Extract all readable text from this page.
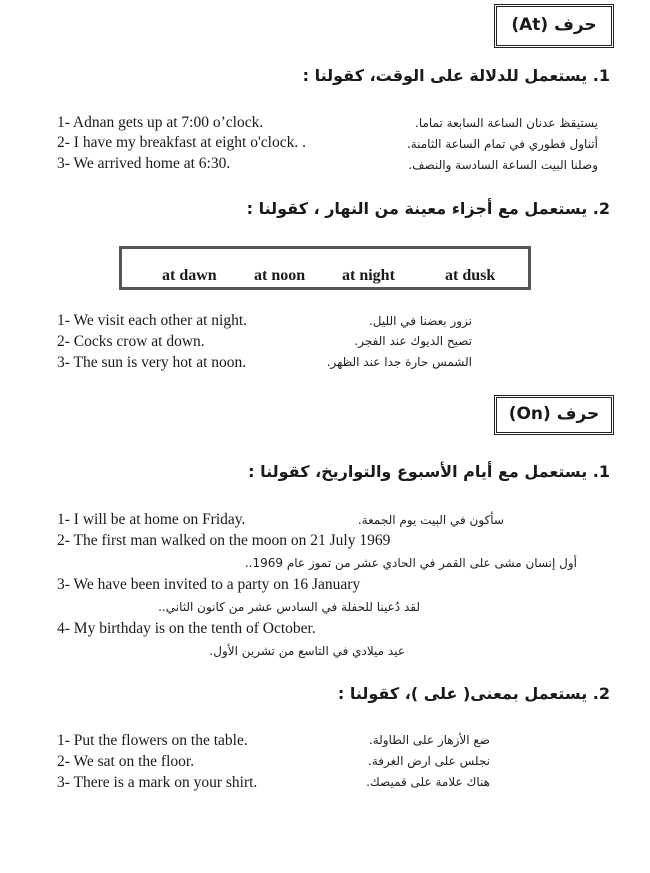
حرف (At)
1. يستعمل للدلالة على الوقت، كقولنا :
1- Adnan gets up at 7:00 o’clock.
2- I have my breakfast at eight o'clock. .
3- We arrived home at 6:30.
يستيقظ عدنان الساعة السابعة تماما.
أتناول فطوري في تمام الساعة الثامنة.
وصلنا البيت الساعة السادسة والنصف.
2. يستعمل مع أجزاء معينة من النهار ، كقولنا :
at dawn at noon at night	at dusk
1- We visit each other at night.
2- Cocks crow at down.
3- The sun is very hot at noon.
نزور بعضنا في الليل.
تصيح الديوك عند الفجر.
الشمس حارة جدا عند الظهر.
حرف (On)
1. يستعمل مع أيام الأسبوع والتواريخ، كقولنا :
1- I will be at home on Friday.	سأكون في البيت يوم الجمعة.
2- The first man walked on the moon on 21 July 1969
أول إنسان مشى على القمر في الحادي عشر من تموز عام 1969..
3- We have been invited to a party on 16 January
لقد دُعينا للحفلة في السادس عشر من كانون الثاني..
4- My birthday is on the tenth of October.
عيد ميلادي في التاسع من تشرين الأول.
2. يستعمل بمعنى( على )، كقولنا :
1- Put the flowers on the table.
2- We sat on the floor.
3- There is a mark on your shirt.
ضع الأزهار على الطاولة.
نجلس على ارض الغرفة.
هناك علامة على قميصك.
